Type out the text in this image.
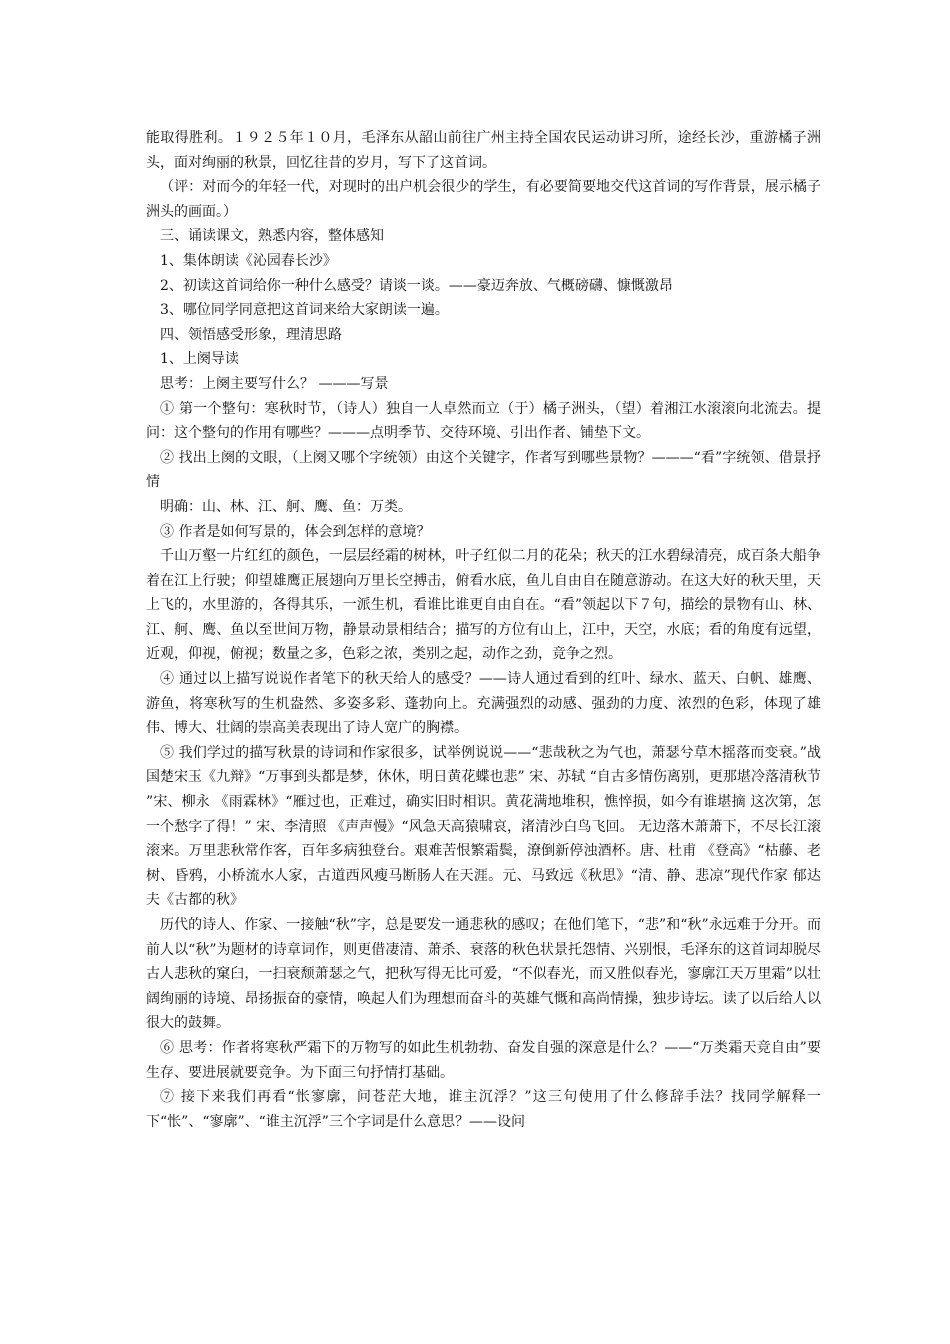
能取得胜利。１９２５年１０月，毛泽东从韶山前往广州主持全国农民运动讲习所，途经长沙，重游橘子洲头，面对绚丽的秋景，回忆往昔的岁月，写下了这首词。

（评：对而今的年轻一代，对现时的出户机会很少的学生，有必要简要地交代这首词的写作背景，展示橘子洲头的画面。）

三、诵读课文，熟悉内容，整体感知

1、集体朗读《沁园春长沙》

2、初读这首词给你一种什么感受？请谈一谈。——豪迈奔放、气概磅礴、慷慨激昂

3、哪位同学同意把这首词来给大家朗读一遍。

四、领悟感受形象，理清思路

1、上阕导读

思考：上阕主要写什么？ ———写景

① 第一个整句：寒秋时节，（诗人）独自一人卓然而立（于）橘子洲头，（望）着湘江水滚滚向北流去。提问：这个整句的作用有哪些？———点明季节、交待环境、引出作者、铺垫下文。

② 找出上阕的文眼，（上阕又哪个字统领）由这个关键字，作者写到哪些景物？———“看”字统领、借景抒情

明确：山、林、江、舸、鹰、鱼：万类。

③ 作者是如何写景的，体会到怎样的意境？

千山万壑一片红红的颜色，一层层经霜的树林，叶子红似二月的花朵；秋天的江水碧绿清亮，成百条大船争着在江上行驶；仰望雄鹰正展翅向万里长空搏击，俯看水底，鱼儿自由自在随意游动。在这大好的秋天里，天上飞的，水里游的，各得其乐，一派生机，看谁比谁更自由自在。“看”领起以下７句，描绘的景物有山、林、江、舸、鹰、鱼以至世间万物，静景动景相结合；描写的方位有山上，江中，天空，水底；看的角度有远望，近观，仰视，俯视；数量之多，色彩之浓，类别之起，动作之劲，竞争之烈。

④ 通过以上描写说说作者笔下的秋天给人的感受？——诗人通过看到的红叶、绿水、蓝天、白帆、雄鹰、游鱼，将寒秋写的生机盎然、多姿多彩、蓬勃向上。充满强烈的动感、强劲的力度、浓烈的色彩，体现了雄伟、博大、壮阔的崇高美表现出了诗人宽广的胸襟。

⑤ 我们学过的描写秋景的诗词和作家很多，试举例说说——“悲哉秋之为气也，萧瑟兮草木摇落而变衰。”战国楚宋玉《九辩》“万事到头都是梦，休休，明日黄花蝶也悲” 宋、苏轼 “自古多情伤离别，更那堪冷落清秋节 ”宋、柳永 《雨霖林》“雁过也，正难过，确实旧时相识。黄花满地堆积，憔悴损，如今有谁堪摘 这次第，怎一个愁字了得！” 宋、李清照 《声声慢》“风急天高猿啸哀，渚清沙白鸟飞回。 无边落木萧萧下，不尽长江滚滚来。万里悲秋常作客，百年多病独登台。艰难苦恨繁霜鬓，潦倒新停浊酒杯。唐、杜甫 《登高》“枯藤、老树、昏鸦，小桥流水人家，古道西风瘦马断肠人在天涯。元、马致远《秋思》“清、静、悲凉”现代作家 郁达夫《古都的秋》

历代的诗人、作家、一接触“秋”字，总是要发一通悲秋的感叹；在他们笔下，“悲”和“秋”永远难于分开。而前人以“秋”为题材的诗章词作，则更借凄清、萧杀、衰落的秋色状景托怨情、兴别恨，毛泽东的这首词却脱尽古人悲秋的窠臼，一扫衰颓萧瑟之气，把秋写得无比可爱，“不似春光，而又胜似春光，寥廓江天万里霜”以壮阔绚丽的诗境、昂扬振奋的豪情，唤起人们为理想而奋斗的英雄气慨和高尚情操，独步诗坛。读了以后给人以很大的鼓舞。

⑥ 思考：作者将寒秋严霜下的万物写的如此生机勃勃、奋发自强的深意是什么？——“万类霜天竞自由”要生存、要进展就要竞争。为下面三句抒情打基础。

⑦ 接下来我们再看“怅寥廓，问苍茫大地，谁主沉浮？”这三句使用了什么修辞手法？找同学解释一下“怅”、“寥廓”、“谁主沉浮”三个字词是什么意思？——设问
